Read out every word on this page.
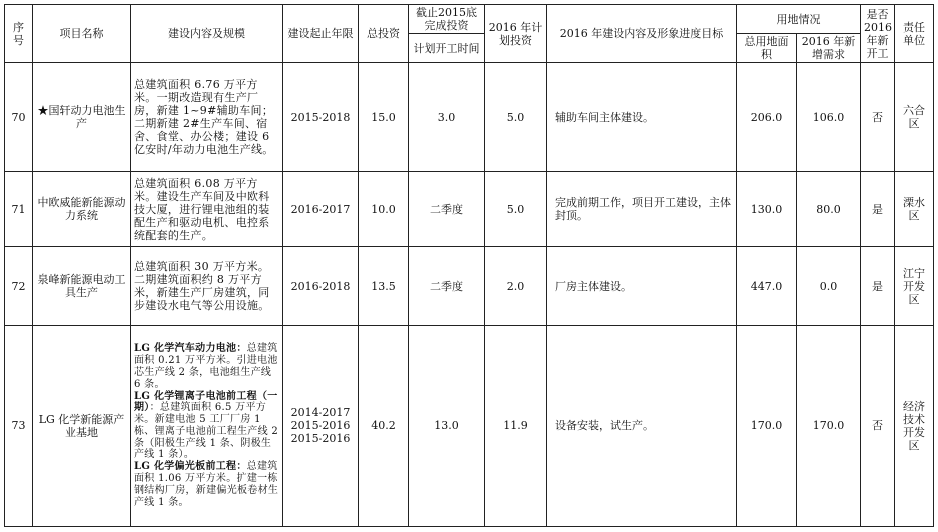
序号	项目名称	建设内容及规模	建设起止年限	总投资	截止2015底完成投资	2016 年计划投资	2016 年建设内容及形象进度目标	用地情况		是否2016年新开工	责任单位
					计划开工时间			总用地面积	2016 年新增需求		
70	★国轩动力电池生产	总建筑面积 6.76 万平方米。一期改造现有生产厂房，新建 1~9#辅助车间；二期新建 2#生产车间、宿舍、食堂、办公楼；建设 6 亿安时/年动力电池生产线。	2015-2018	15.0	3.0	5.0	辅助车间主体建设。	206.0	106.0	否	六合区
71	中欧威能新能源动力系统	总建筑面积 6.08 万平方米。建设生产车间及中欧科技大厦，进行锂电池组的装配生产和驱动电机、电控系统配套的生产。	2016-2017	10.0	二季度	5.0	完成前期工作，项目开工建设，主体封顶。	130.0	80.0	是	溧水区
72	泉峰新能源电动工具生产	总建筑面积 30 万平方米。二期建筑面积约 8 万平方米，新建生产厂房建筑，同步建设水电气等公用设施。	2016-2018	13.5	二季度	2.0	厂房主体建设。	447.0	0.0	是	江宁开发区
73	LG 化学新能源产业基地	LG 化学汽车动力电池：总建筑面积 0.21 万平方米。引进电池芯生产线 2 条，电池组生产线 6 条。
LG 化学锂离子电池前工程（一期）：总建筑面积 6.5 万平方米。新建电池 5 工厂厂房 1 栋、锂离子电池前工程生产线 2 条（阳极生产线 1 条、阴极生产线 1 条）。
LG 化学偏光板前工程：总建筑面积 1.06 万平方米。扩建一栋钢结构厂房，新建偏光板卷材生产线 1 条。	2014-2017
2015-2016
2015-2016	40.2	13.0	11.9	设备安装，试生产。	170.0	170.0	否	经济技术开发区
